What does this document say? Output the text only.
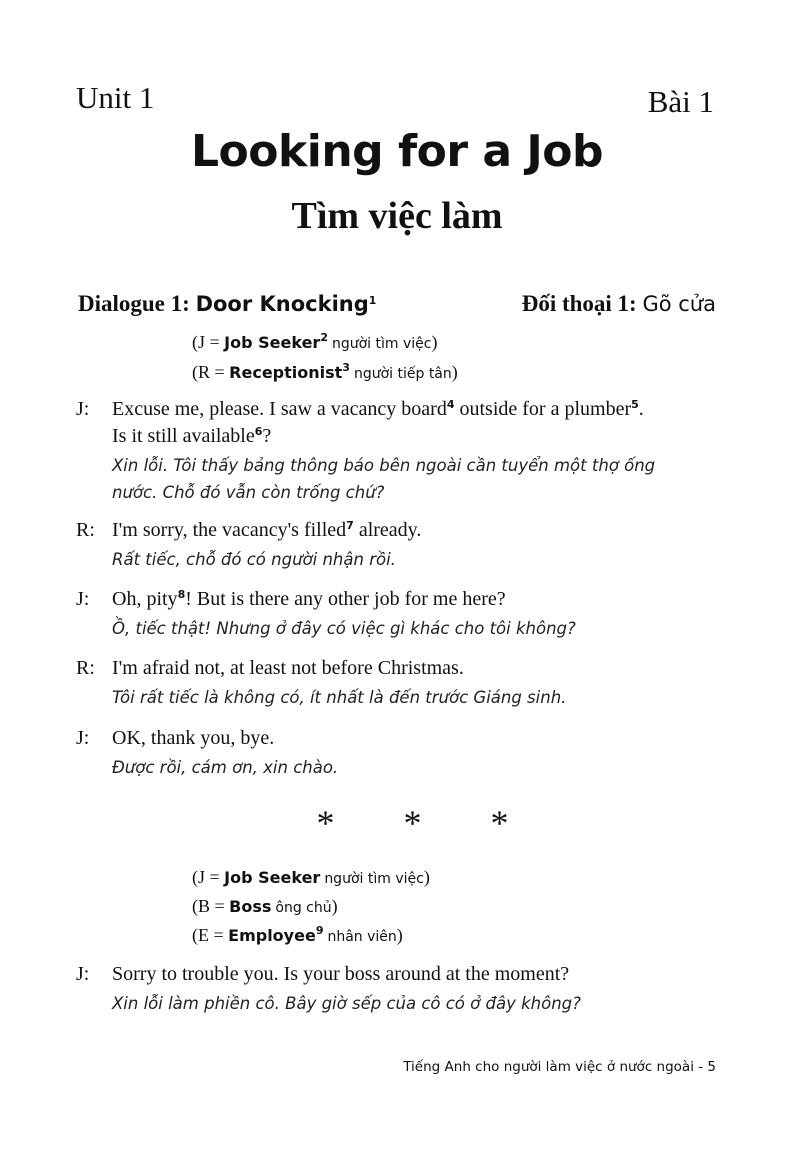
Unit 1	Bài 1
Looking for a Job
Tìm việc làm
Dialogue 1: Door Knocking$^1$	Đối thoại 1: Gõ cửa
(J = Job Seeker$^2$ người tìm việc)
(R = Receptionist$^3$ người tiếp tân)
J: Excuse me, please. I saw a vacancy board$^4$ outside for a plumber$^5$.
Is it still available$^6$?
Xin lỗi. Tôi thấy bảng thông báo bên ngoài cần tuyển một thợ ống
nước. Chỗ đó vẫn còn trống chứ?
R: I'm sorry, the vacancy's filled$^7$ already.
Rất tiếc, chỗ đó có người nhận rồi.
J: Oh, pity$^8$! But is there any other job for me here?
Ồ, tiếc thật! Nhưng ở đây có việc gì khác cho tôi không?
R: I'm afraid not, at least not before Christmas.
Tôi rất tiếc là không có, ít nhất là đến trước Giáng sinh.
J: OK, thank you, bye.
Được rồi, cám ơn, xin chào.
* * *
(J = Job Seeker người tìm việc)
(B = Boss ông chủ)
(E = Employee$^9$ nhân viên)
J: Sorry to trouble you. Is your boss around at the moment?
Xin lỗi làm phiền cô. Bây giờ sếp của cô có ở đây không?
Tiếng Anh cho người làm việc ở nước ngoài - 5
